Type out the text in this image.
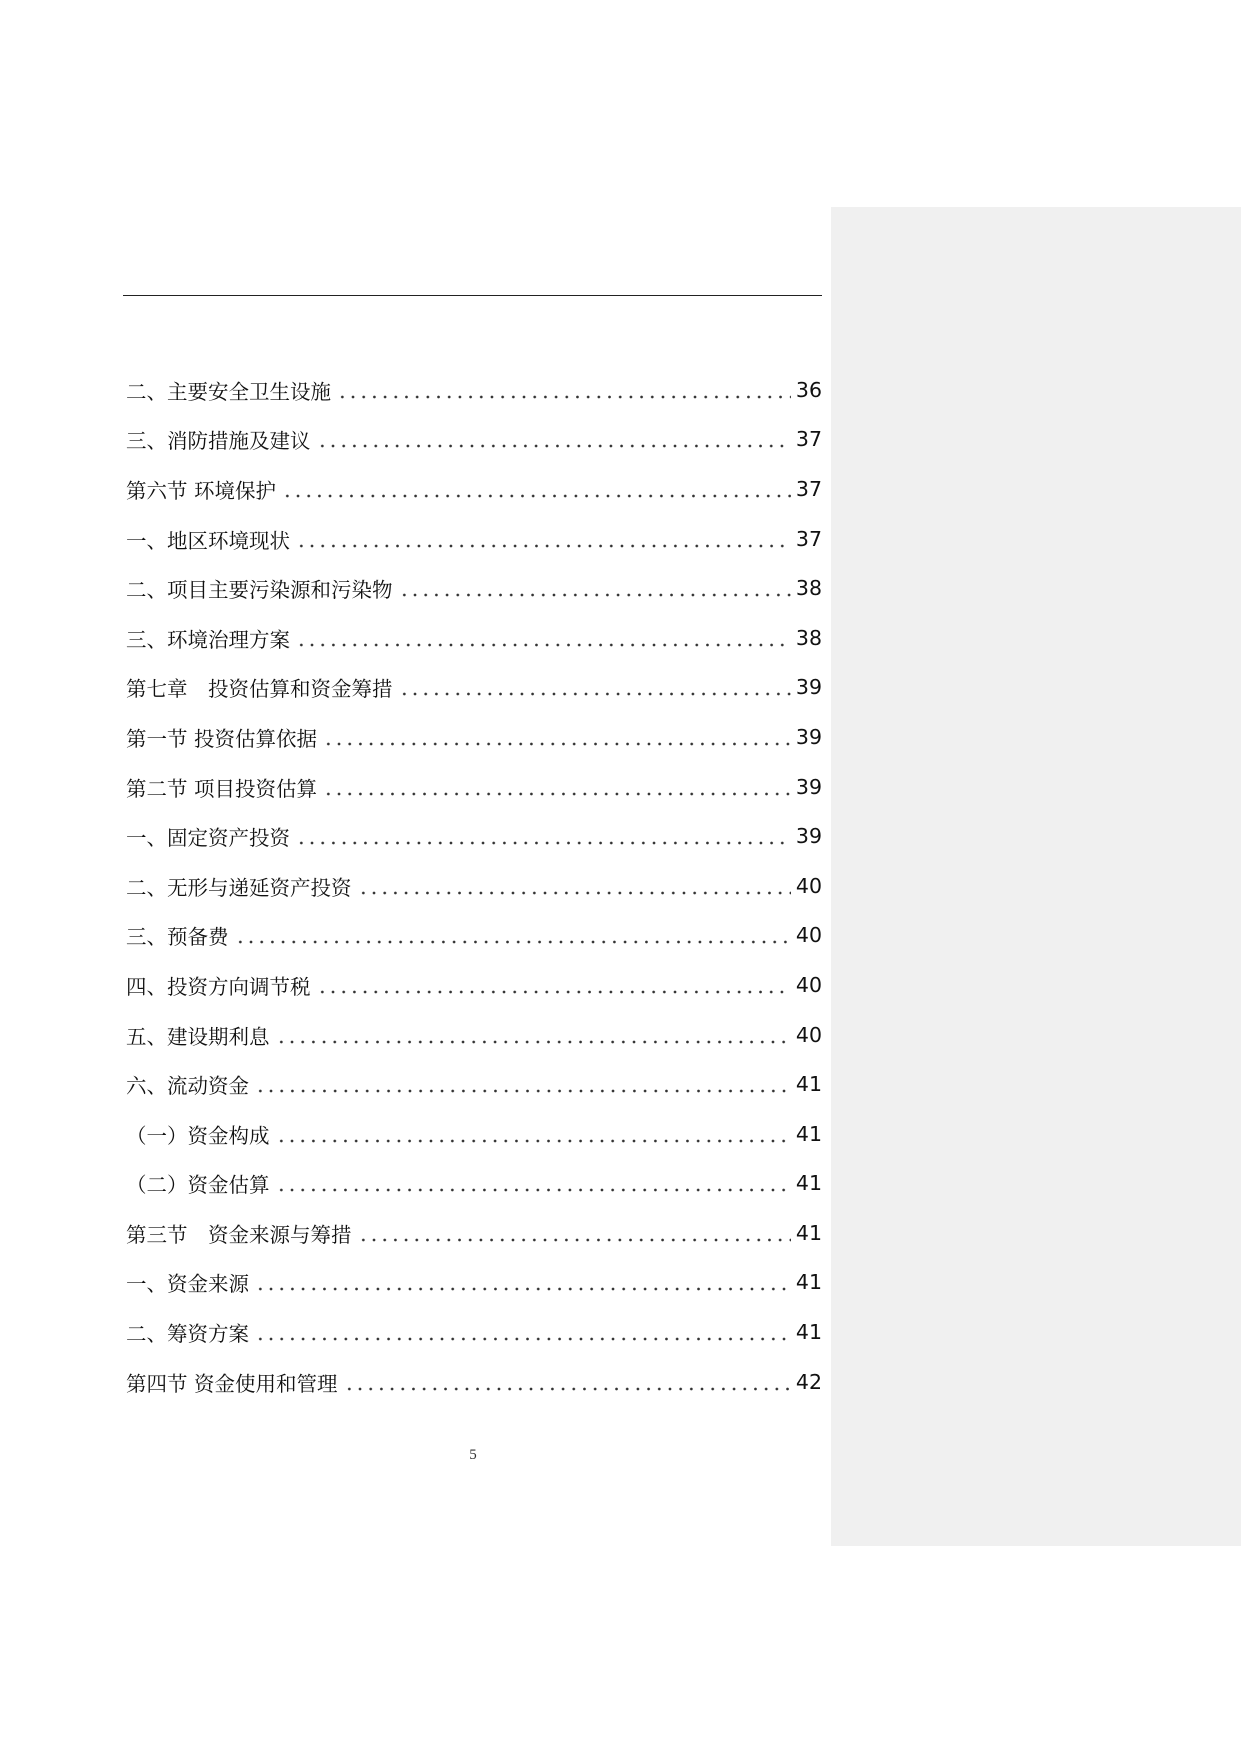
二、主要安全卫生设施	36
三、消防措施及建议	37
第六节 环境保护	37
一、地区环境现状	37
二、项目主要污染源和污染物	38
三、环境治理方案	38
第七章　投资估算和资金筹措	39
第一节 投资估算依据	39
第二节 项目投资估算	39
一、固定资产投资	39
二、无形与递延资产投资	40
三、预备费	40
四、投资方向调节税	40
五、建设期利息	40
六、流动资金	41
（一）资金构成	41
（二）资金估算	41
第三节　资金来源与筹措	41
一、资金来源	41
二、筹资方案	41
第四节 资金使用和管理	42
5
